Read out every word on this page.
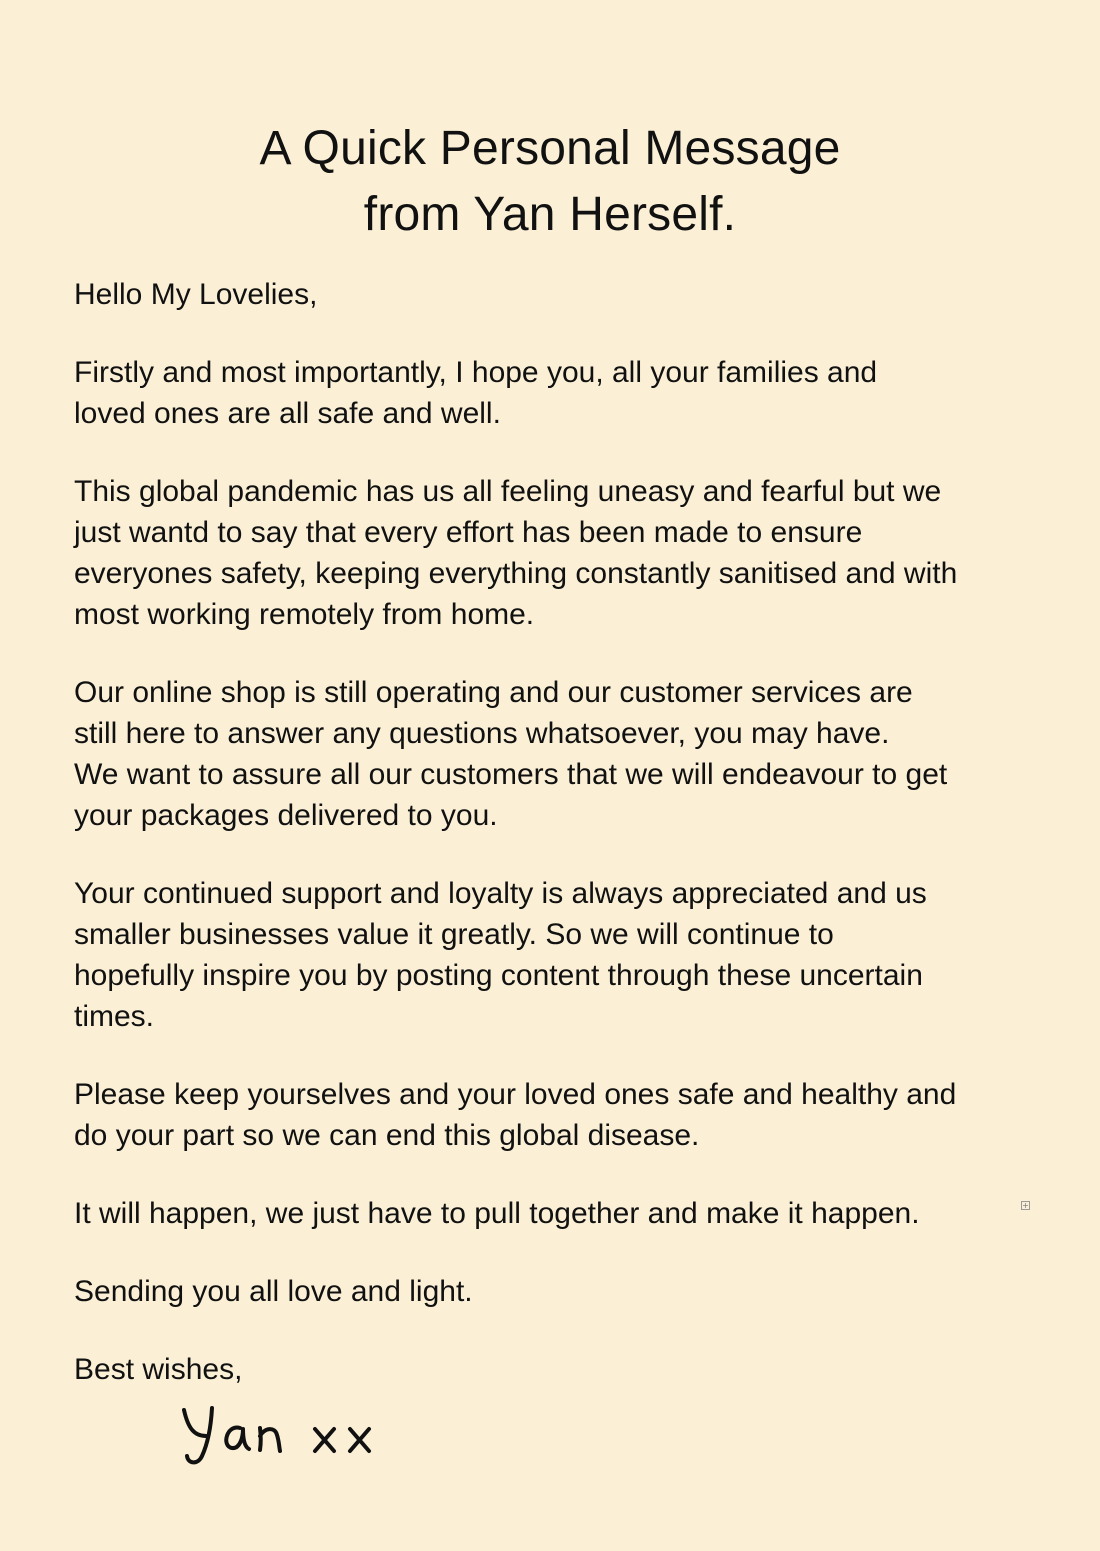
A Quick Personal Message
from Yan Herself.

Hello My Lovelies,

Firstly and most importantly, I hope you, all your families and
loved ones are all safe and well.

This global pandemic has us all feeling uneasy and fearful but we
just wantd to say that every effort has been made to ensure
everyones safety, keeping everything constantly sanitised and with
most working remotely from home.

Our online shop is still operating and our customer services are
still here to answer any questions whatsoever, you may have.
We want to assure all our customers that we will endeavour to get
your packages delivered to you.

Your continued support and loyalty is always appreciated and us
smaller businesses value it greatly. So we will continue to
hopefully inspire you by posting content through these uncertain
times.

Please keep yourselves and your loved ones safe and healthy and
do your part so we can end this global disease.

It will happen, we just have to pull together and make it happen.

Sending you all love and light.

Best wishes,

+
